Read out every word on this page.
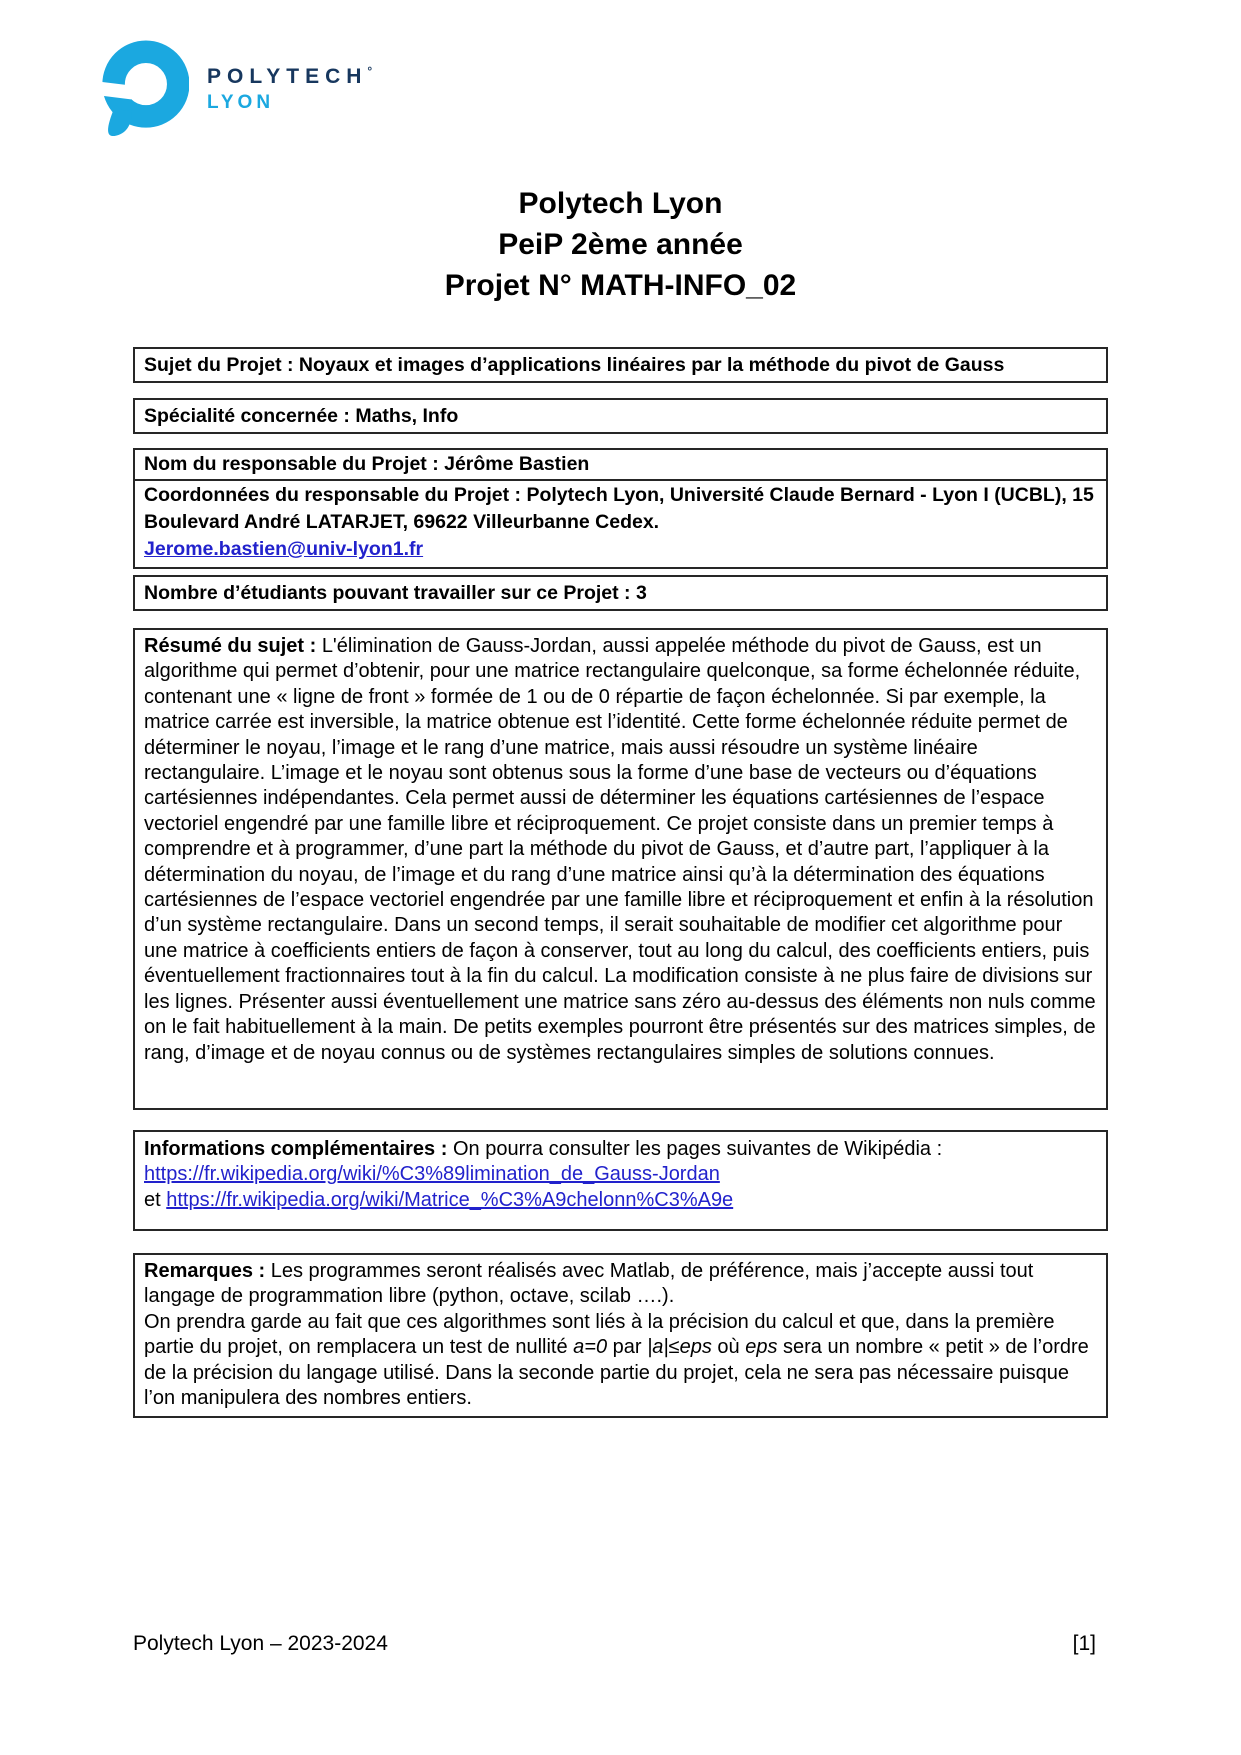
POLYTECH°
LYON
Polytech Lyon
PeiP 2ème année
Projet N° MATH-INFO_02
Sujet du Projet : Noyaux et images d’applications linéaires par la méthode du pivot de Gauss
Spécialité concernée : Maths, Info
Nom du responsable du Projet : Jérôme Bastien
Coordonnées du responsable du Projet : Polytech Lyon, Université Claude Bernard - Lyon I (UCBL), 15 Boulevard André LATARJET, 69622 Villeurbanne Cedex.
Jerome.bastien@univ-lyon1.fr
Nombre d’étudiants pouvant travailler sur ce Projet : 3
Résumé du sujet : L'élimination de Gauss-Jordan, aussi appelée méthode du pivot de Gauss, est un algorithme qui permet d’obtenir, pour une matrice rectangulaire quelconque, sa forme échelonnée réduite, contenant une « ligne de front » formée de 1 ou de 0 répartie de façon échelonnée. Si par exemple, la matrice carrée est inversible, la matrice obtenue est l’identité. Cette forme échelonnée réduite permet de déterminer le noyau, l’image et le rang d’une matrice, mais aussi résoudre un système linéaire rectangulaire. L’image et le noyau sont obtenus sous la forme d’une base de vecteurs ou d’équations cartésiennes indépendantes. Cela permet aussi de déterminer les équations cartésiennes de l’espace vectoriel engendré par une famille libre et réciproquement. Ce projet consiste dans un premier temps à comprendre et à programmer, d’une part la méthode du pivot de Gauss, et d’autre part, l’appliquer à la détermination du noyau, de l’image et du rang d’une matrice ainsi qu’à la détermination des équations cartésiennes de l’espace vectoriel engendrée par une famille libre et réciproquement et enfin à la résolution d’un système rectangulaire. Dans un second temps, il serait souhaitable de modifier cet algorithme pour une matrice à coefficients entiers de façon à conserver, tout au long du calcul, des coefficients entiers, puis éventuellement fractionnaires tout à la fin du calcul. La modification consiste à ne plus faire de divisions sur les lignes. Présenter aussi éventuellement une matrice sans zéro au-dessus des éléments non nuls comme on le fait habituellement à la main. De petits exemples pourront être présentés sur des matrices simples, de rang, d’image et de noyau connus ou de systèmes rectangulaires simples de solutions connues.
Informations complémentaires : On pourra consulter les pages suivantes de Wikipédia :
https://fr.wikipedia.org/wiki/%C3%89limination_de_Gauss-Jordan
et https://fr.wikipedia.org/wiki/Matrice_%C3%A9chelonn%C3%A9e
Remarques : Les programmes seront réalisés avec Matlab, de préférence, mais j’accepte aussi tout langage de programmation libre (python, octave, scilab ….).
On prendra garde au fait que ces algorithmes sont liés à la précision du calcul et que, dans la première partie du projet, on remplacera un test de nullité a=0 par |a|≤eps où eps sera un nombre « petit » de l’ordre de la précision du langage utilisé. Dans la seconde partie du projet, cela ne sera pas nécessaire puisque l’on manipulera des nombres entiers.
Polytech Lyon – 2023-2024	[1]
